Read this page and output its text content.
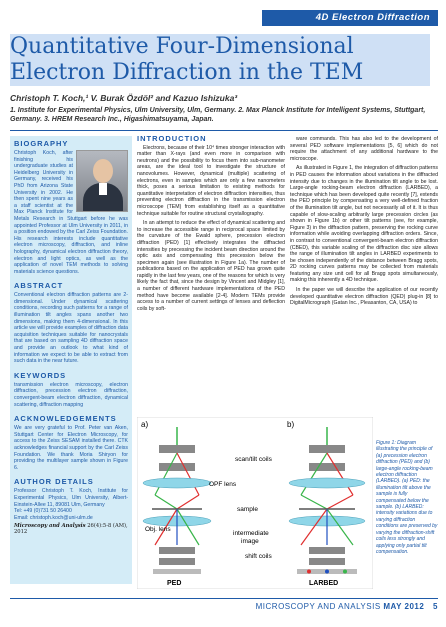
4D Electron Diffraction
Quantitative Four-Dimensional Electron Diffraction in the TEM
Christoph T. Koch,¹ V. Burak Özdöl² and Kazuo Ishizuka³
1. Institute for Experimental Physics, Ulm University, Ulm, Germany. 2. Max Planck Institute for Intelligent Systems, Stuttgart, Germany. 3. HREM Research Inc., Higashimatsuyama, Japan.
BIOGRAPHY
Christoph Koch, after finishing his undergraduate studies at Heidelberg University in Germany, received his PhD from Arizona State University in 2002. He then spent nine years as a staff scientist at the Max Planck Institute for Metals Research in Stuttgart before he was appointed Professor at Ulm University in 2011, in a position endowed by the Carl Zeiss Foundation. His research interests include quantitative electron microscopy, diffraction, and inline holography, dynamical electron diffraction theory, electron and light optics, as well as the application of novel TEM methods to solving materials science questions.
ABSTRACT
Conventional electron diffraction patterns are 2-dimensional. Under dynamical scattering conditions, recording such patterns for a range of illumination tilt angles spans another two dimensions, making them 4-dimensional. In this article we will provide examples of diffraction data acquisition techniques suitable for nanocrystals that are based on sampling 4D diffraction space and provide an outlook to what kind of information we expect to be able to extract from such data in the near future.
KEYWORDS
transmission electron microscopy, electron diffraction, precession electron diffraction, convergent-beam electron diffraction, dynamical scattering, diffraction mapping
ACKNOWLEDGEMENTS
We are very grateful to Prof. Peter van Aken, Stuttgart Center for Electron Microscopy, for access to the Zeiss SESAM installed there. CTK acknowledges financial support by the Carl Zeiss Foundation. We thank Moria Shiryon for providing the multilayer sample shown in Figure 6.
AUTHOR DETAILS
Professor Christoph T. Koch, Institute for Experimental Physics, Ulm University, Albert-Einstein-Allee 11, 89081 Ulm, Germany
Tel: +49 (0)731 50 26400
Email: christoph.koch@uni-ulm.de
Microscopy and Analysis 26(4):5-8 (AM), 2012
INTRODUCTION

Electrons, because of their 10⁴ times stronger interaction with matter than X-rays (and even more in comparison with neutrons) and the possibility to focus them into sub-nanometer areas, are the ideal tool to investigate the structure of nanovolumes. However, dynamical (multiple) scattering of electrons, even in samples which are only a few nanometers thick, poses a serious limitation to existing methods for quantitative interpretation of electron diffraction intensities, thus preventing electron diffraction in the transmission electron microscope (TEM) from establishing itself as a quantitative technique suitable for routine structural crystallography.

In an attempt to reduce the effect of dynamical scattering and to increase the accessible range in reciprocal space limited by the curvature of the Ewald sphere, precession electron diffraction (PED) [1] effectively integrates the diffracted intensities by precessing the incident beam direction around the optic axis and compensating this precession below the specimen again (see illustration in Figure 1a). The number of publications based on the application of PED has grown quite rapidly in the last few years, one of the reasons for which is very likely the fact that, since the design by Vincent and Midgley [1], a number of different hardware implementations of the PED method have become available [2-4]. Modern TEMs provide access to a number of current settings of lenses and deflection coils by soft-

ware commands. This has also led to the development of several PED software implementations [5, 6] which do not require the attachment of any additional hardware to the microscope.

As illustrated in Figure 1, the integration of diffraction patterns in PED causes the information about variations in the diffracted intensity due to changes in the illumination tilt angle to be lost. Large-angle rocking-beam electron diffraction (LARBED), a technique which has been developed quite recently [7], extends the PED principle by compensating a very well-defined fraction of the illumination tilt angle, but not necessarily all of it. It is thus capable of slow-scaling arbitrarily large precession circles (as shown in Figure 1b) or other tilt patterns (see, for example, Figure 3) in the diffraction pattern, preserving the rocking curve information while avoiding overlapping diffraction orders. Since, in contrast to conventional convergent-beam electron diffraction (CBED), this variable scaling of the diffraction disc size allows the range of illumination tilt angles in LARBED experiments to be chosen independently of the distance between Bragg spots, 2D rocking curves patterns may be collected from materials featuring any size unit cell for all Bragg spots simultaneously, making this inherently a 4D technique.

In the paper we will describe the application of our recently developed quantitative electron diffraction (QED) plug-in [8] to DigitalMicrograph (Gatan Inc., Pleasanton, CA, USA) to

a)	b)
scan/tilt coils
OPF lens
sample
Obj. lens
intermediate
image
shift coils
PED	LARBED
Figure 1: Diagram illustrating the principle of (a) precession electron diffraction (PED) and (b) large-angle rocking-beam electron diffraction (LARBED). (a) PED: the illumination tilt above the sample is fully compensated below the sample. (b) LARBED: intensity variations due to varying diffraction conditions are preserved by varying the diffraction-shift coils less strongly and applying only partial tilt compensation.
MICROSCOPY AND ANALYSIS MAY 2012 5
